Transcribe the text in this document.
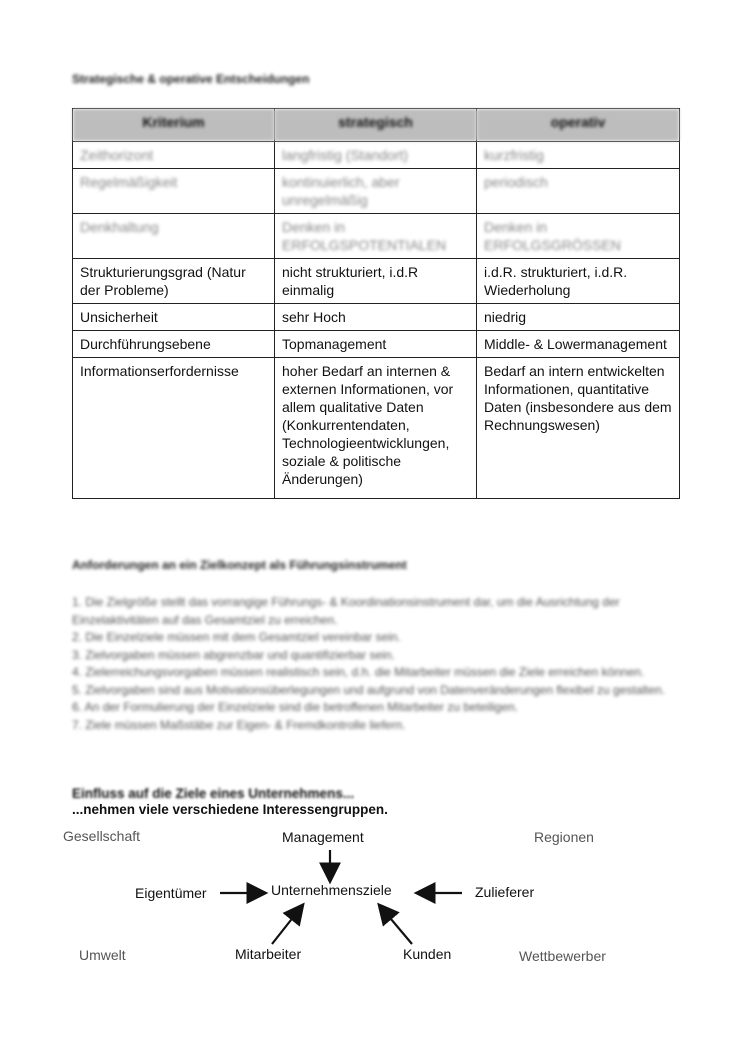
Strategische & operative Entscheidungen
Kriterium	strategisch	operativ
Zeithorizont	langfristig (Standort)	kurzfristig
Regelmäßigkeit	kontinuierlich, aber unregelmäßig	periodisch
Denkhaltung	Denken in ERFOLGSPOTENTIALEN	Denken in ERFOLGSGRÖSSEN
Strukturierungsgrad (Natur der Probleme)	nicht strukturiert, i.d.R einmalig	i.d.R. strukturiert, i.d.R. Wiederholung
Unsicherheit	sehr Hoch	niedrig
Durchführungsebene	Topmanagement	Middle- & Lowermanagement
Informationserfordernisse	hoher Bedarf an internen & externen Informationen, vor allem qualitative Daten (Konkurrentendaten, Technologieentwicklungen, soziale & politische Änderungen)	Bedarf an intern entwickelten Informationen, quantitative Daten (insbesondere aus dem Rechnungswesen)
Anforderungen an ein Zielkonzept als Führungsinstrument
1. Die Zielgröße stellt das vorrangige Führungs- & Koordinationsinstrument dar, um die Ausrichtung der Einzelaktivitäten auf das Gesamtziel zu erreichen.
2. Die Einzelziele müssen mit dem Gesamtziel vereinbar sein.
3. Zielvorgaben müssen abgrenzbar und quantifizierbar sein.
4. Zielerreichungsvorgaben müssen realistisch sein, d.h. die Mitarbeiter müssen die Ziele erreichen können.
5. Zielvorgaben sind aus Motivationsüberlegungen und aufgrund von Datenveränderungen flexibel zu gestalten.
6. An der Formulierung der Einzelziele sind die betroffenen Mitarbeiter zu beteiligen.
7. Ziele müssen Maßstäbe zur Eigen- & Fremdkontrolle liefern.
Einfluss auf die Ziele eines Unternehmens...
...nehmen viele verschiedene Interessengruppen.
Management
Unternehmensziele
Eigentümer	Zulieferer
Mitarbeiter	Kunden
Gesellschaft	Regionen
Umwelt	Wettbewerber
